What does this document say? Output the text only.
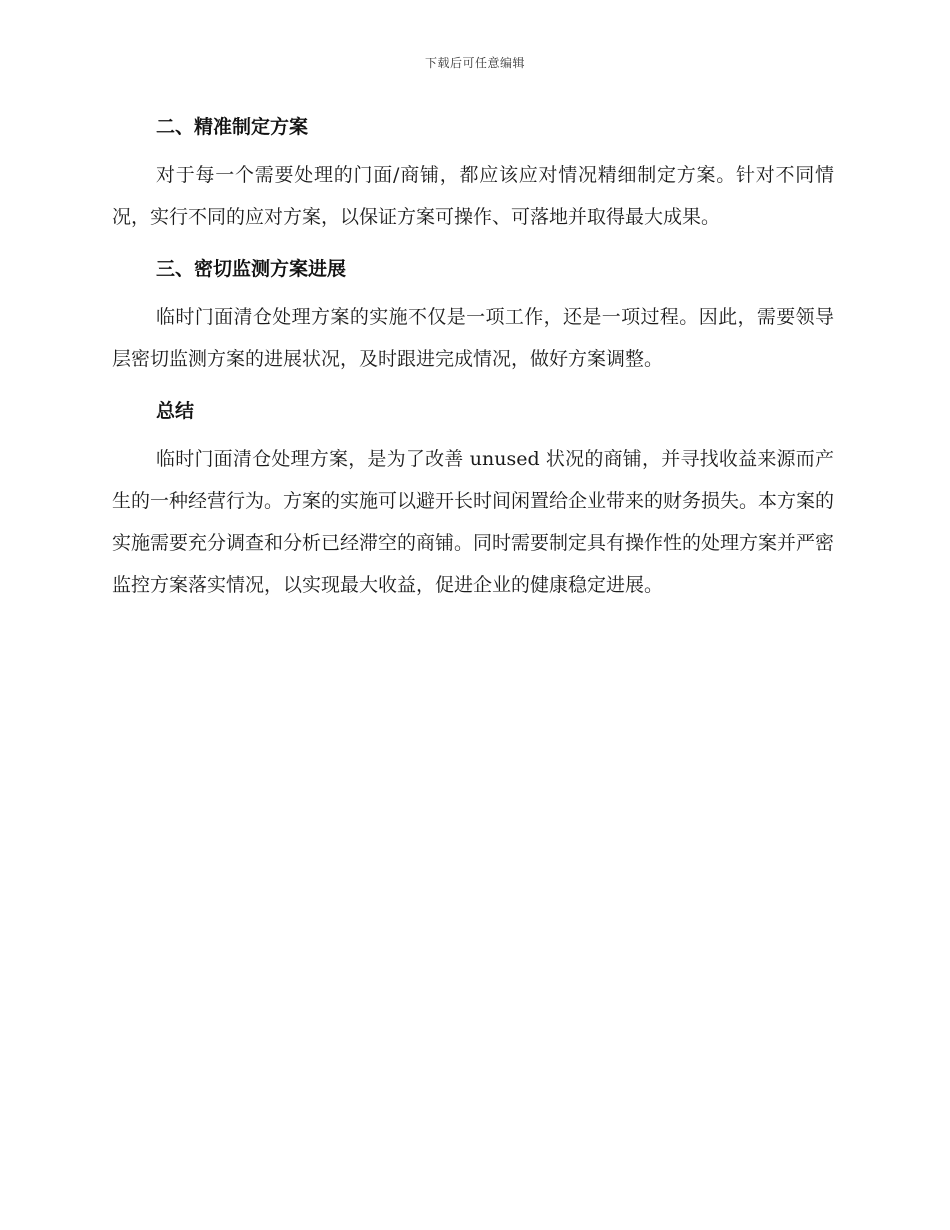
下载后可任意编辑
二、精准制定方案

对于每一个需要处理的门面/商铺，都应该应对情况精细制定方案。针对不同情况，实行不同的应对方案，以保证方案可操作、可落地并取得最大成果。

三、密切监测方案进展

临时门面清仓处理方案的实施不仅是一项工作，还是一项过程。因此，需要领导层密切监测方案的进展状况，及时跟进完成情况，做好方案调整。

总结

临时门面清仓处理方案，是为了改善 unused 状况的商铺，并寻找收益来源而产生的一种经营行为。方案的实施可以避开长时间闲置给企业带来的财务损失。本方案的实施需要充分调查和分析已经滞空的商铺。同时需要制定具有操作性的处理方案并严密监控方案落实情况，以实现最大收益，促进企业的健康稳定进展。
